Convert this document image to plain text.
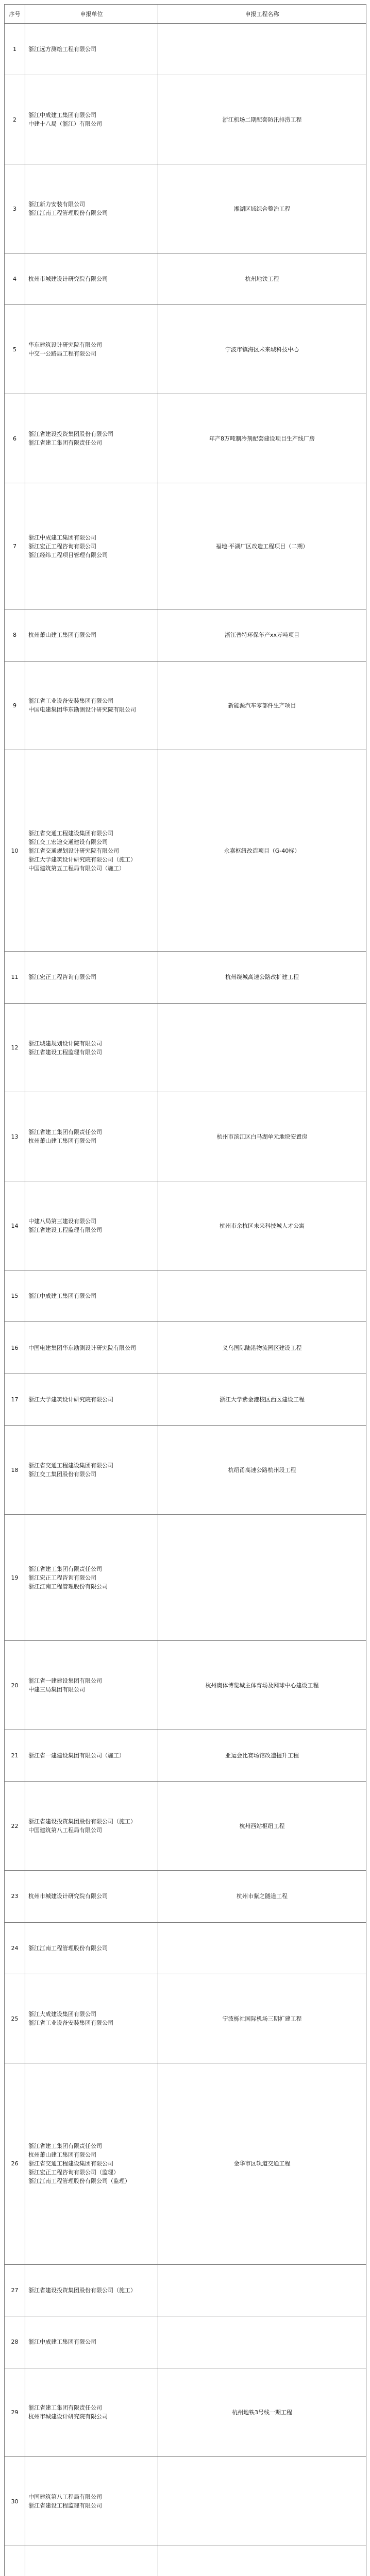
序号	申报单位	申报工程名称
1	浙江远方测绘工程有限公司	

2	浙江中成建工集团有限公司
中建十八局（浙江）有限公司	浙江机场二期配套防汛排涝工程
3	浙江新力安装有限公司
浙江江南工程管理股份有限公司	湘湖区域综合整治工程
4	杭州市城建设计研究院有限公司	杭州地铁工程
5	华东建筑设计研究院有限公司
中交一公路局工程有限公司	宁波市镇海区未来城科技中心
6	浙江省建设投资集团股份有限公司
浙江省建工集团有限责任公司	年产8万吨制冷剂配套建设项目生产线厂房
7	浙江中成建工集团有限公司
浙江宏正工程咨询有限公司
浙江经纬工程项目管理有限公司	福地·平湖厂区改造工程项目（二期）
8	杭州萧山建工集团有限公司	浙江普特环保年产xx万吨项目
9	浙江省工业设备安装集团有限公司
中国电建集团华东勘测设计研究院有限公司	新能源汽车零部件生产项目
10	浙江省交通工程建设集团有限公司
浙江交工宏途交通建设有限公司
浙江省交通规划设计研究院有限公司
浙江大学建筑设计研究院有限公司（施工）
中国建筑第五工程局有限公司（施工）	永嘉枢纽改造项目（G-40标）
11	浙江宏正工程咨询有限公司	杭州绕城高速公路改扩建工程
12	浙江城建规划设计院有限公司
浙江省建设工程监理有限公司	

13	浙江省建工集团有限责任公司
杭州萧山建工集团有限公司	杭州市滨江区白马湖单元地块安置房
14	中建八局第三建设有限公司
浙江省建设工程监理有限公司	杭州市余杭区未来科技城人才公寓
15	浙江中成建工集团有限公司	

16	中国电建集团华东勘测设计研究院有限公司	义乌国际陆港物流园区建设工程
17	浙江大学建筑设计研究院有限公司	浙江大学紫金港校区西区建设工程
18	浙江省交通工程建设集团有限公司
浙江交工集团股份有限公司	杭绍甬高速公路杭州段工程
19	浙江省建工集团有限责任公司
浙江宏正工程咨询有限公司
浙江江南工程管理股份有限公司	

20	浙江省一建建设集团有限公司
中建三局集团有限公司	杭州奥体博览城主体育场及网球中心建设工程
21	浙江省一建建设集团有限公司（施工）	亚运会比赛场馆改造提升工程
22	浙江省建设投资集团股份有限公司（施工）
中国建筑第八工程局有限公司	杭州西站枢纽工程
23	杭州市城建设计研究院有限公司	杭州市紫之隧道工程
24	浙江江南工程管理股份有限公司	

25	浙江大成建设集团有限公司
浙江省工业设备安装集团有限公司	宁波栎社国际机场三期扩建工程
26	浙江省建工集团有限责任公司
杭州萧山建工集团有限公司
浙江省交通工程建设集团有限公司
浙江宏正工程咨询有限公司（监理）
浙江江南工程管理股份有限公司（监理）	金华市区轨道交通工程
27	浙江省建设投资集团股份有限公司（施工）	

28	浙江中成建工集团有限公司	

29	浙江省建工集团有限责任公司
杭州市城建设计研究院有限公司	杭州地铁3号线一期工程
30	中国建筑第八工程局有限公司
浙江省建设工程监理有限公司	
